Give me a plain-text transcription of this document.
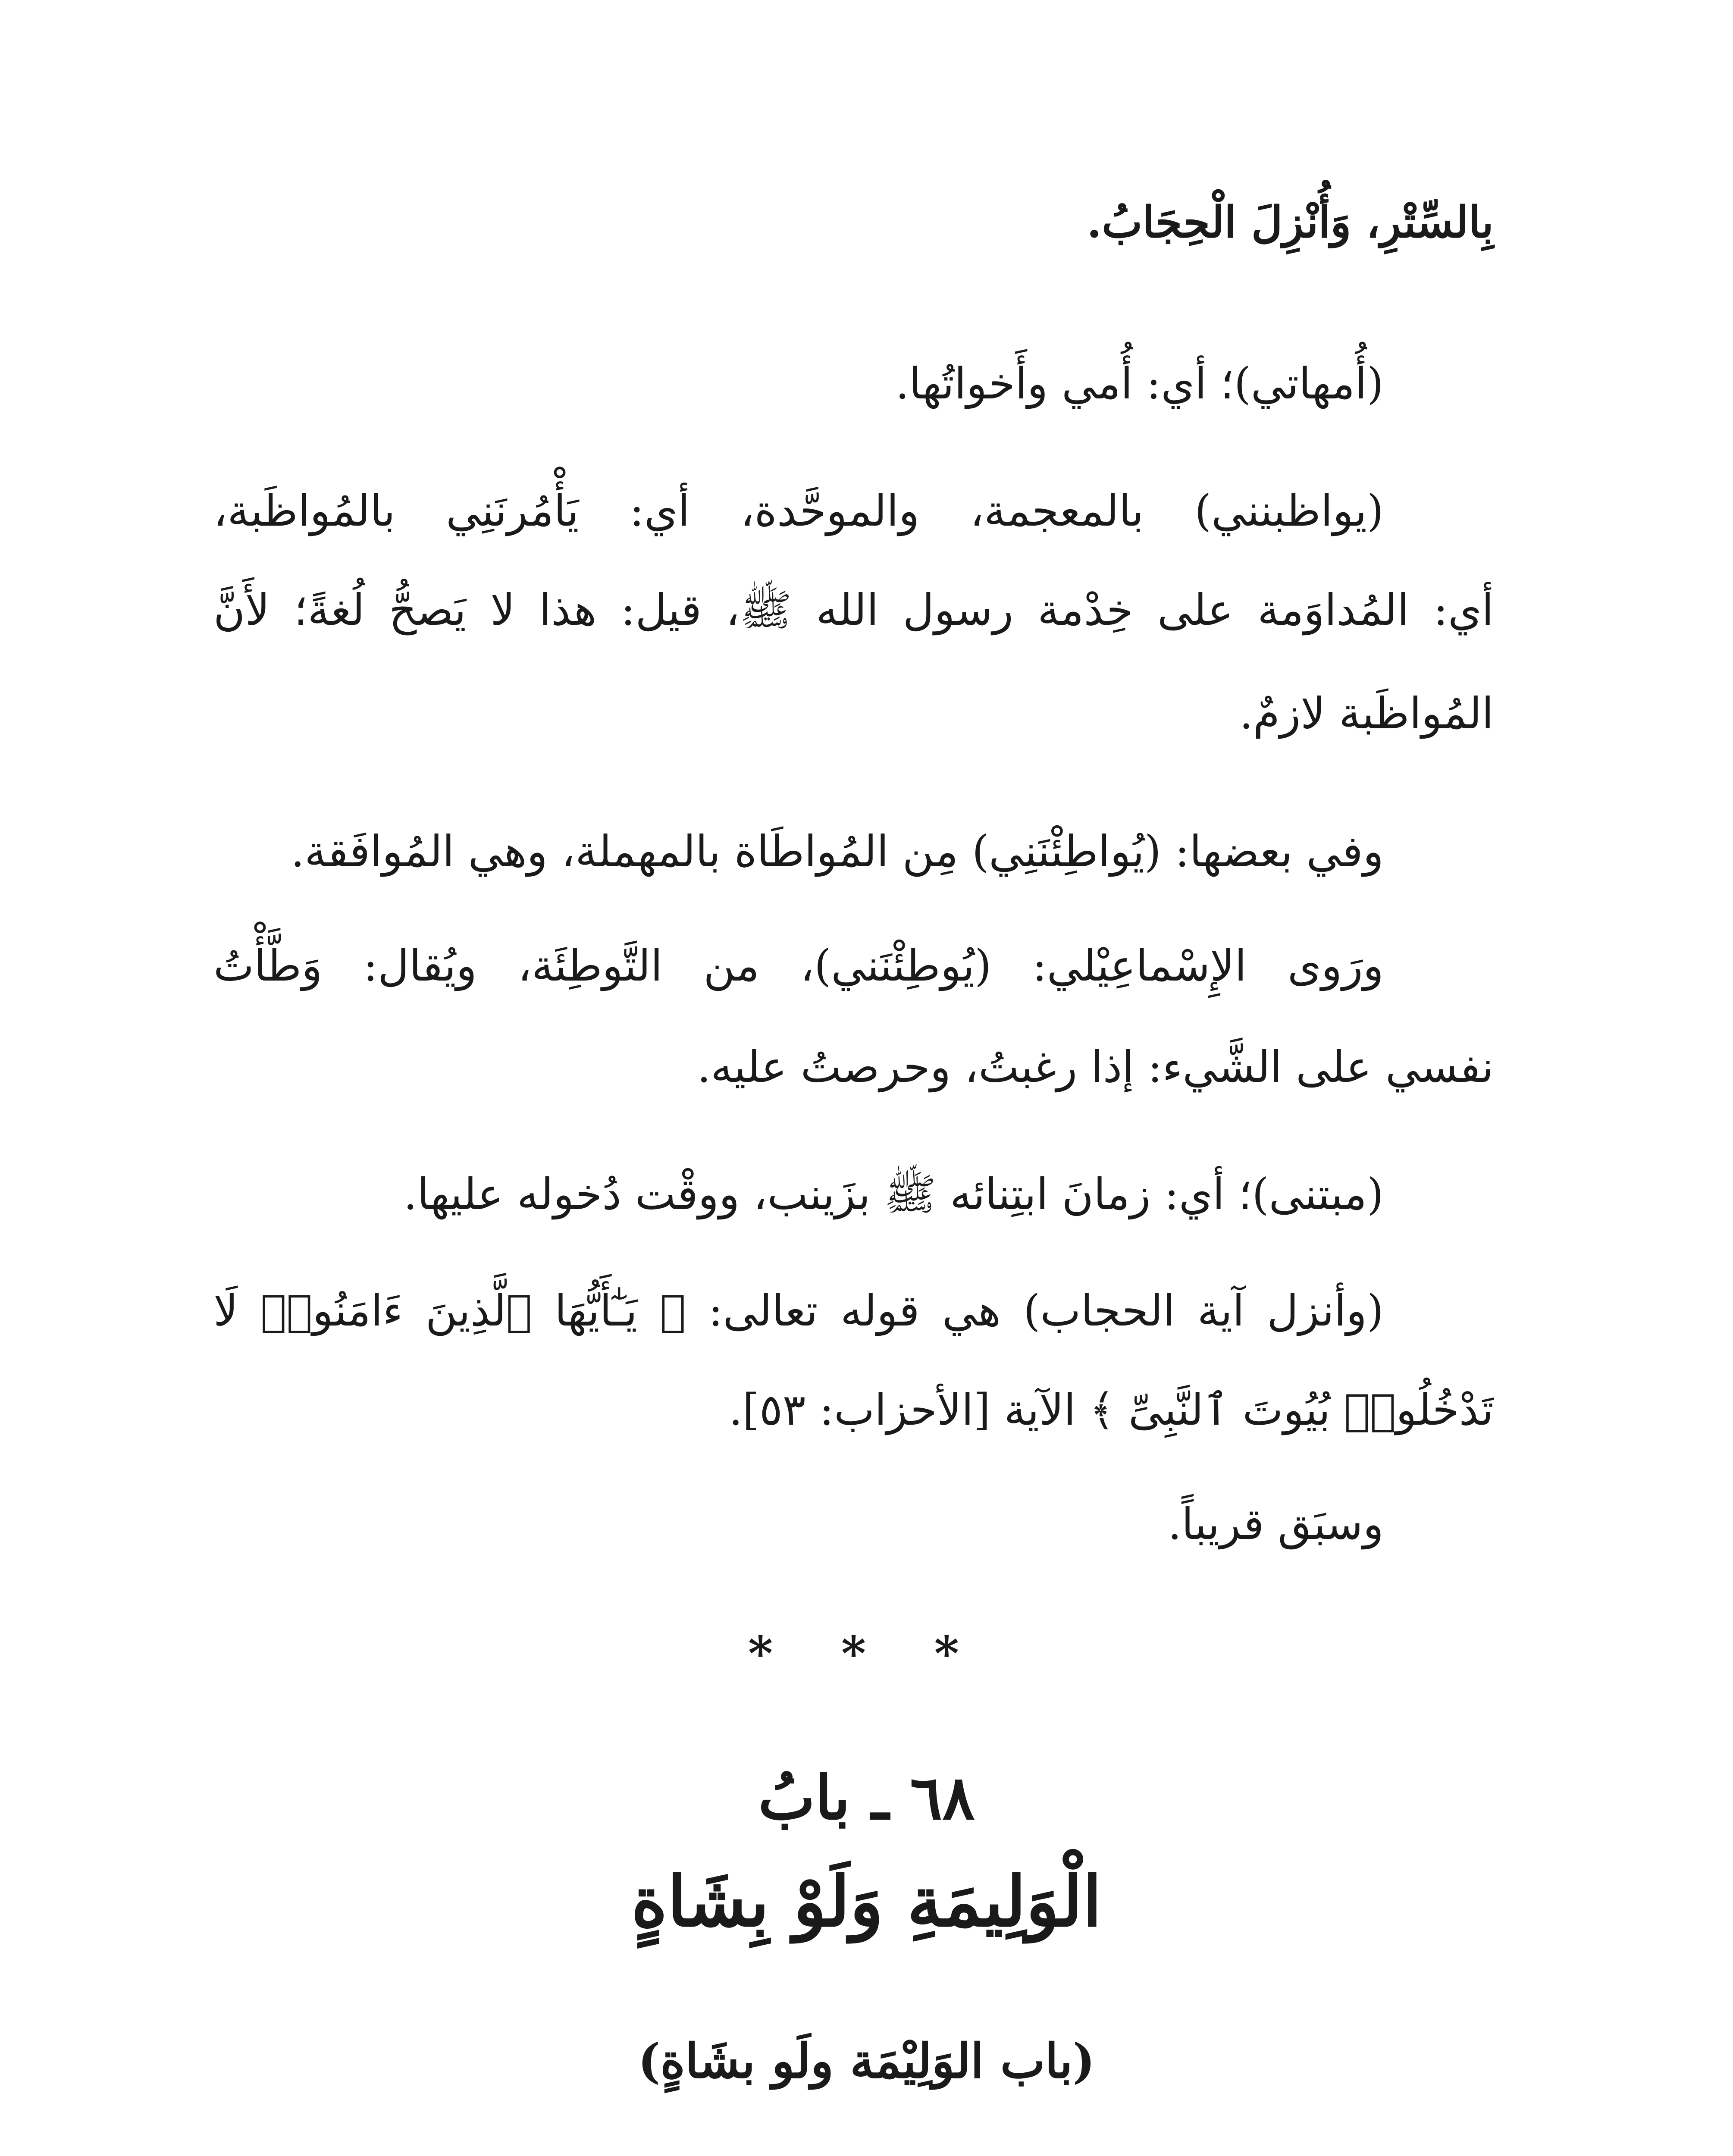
بِالسِّتْرِ، وَأُنْزِلَ الْحِجَابُ.
(أُمهاتي)؛ أي: أُمي وأَخواتُها.
(يواظبنني) بالمعجمة، والموحَّدة، أي: يَأْمُرنَنِي بالمُواظَبة،
أي: المُداوَمة على خِدْمة رسول الله ﷺ، قيل: هذا لا يَصحُّ لُغةً؛ لأَنَّ
المُواظَبة لازمٌ.
وفي بعضها: (يُواطِئْنَنِي) مِن المُواطَاة بالمهملة، وهي المُوافَقة.
ورَوى الإِسْماعِيْلي: (يُوطِئْنَني)، من التَّوطِئَة، ويُقال: وَطَّأْتُ
نفسي على الشَّيء: إذا رغبتُ، وحرصتُ عليه.
(مبتنى)؛ أي: زمانَ ابتِنائه ﷺ بزَينب، ووقْت دُخوله عليها.
(وأنزل آية الحجاب) هي قوله تعالى: ﴿ يَـٰٓأَيُّهَا ٱلَّذِينَ ءَامَنُوا۟ لَا
تَدْخُلُوا۟ بُيُوتَ ٱلنَّبِىِّ ﴾ الآية [الأحزاب: ٥٣].
وسبَق قريباً.
* * *
٦٨ ـ بابُ
الْوَلِيمَةِ وَلَوْ بِشَاةٍ
(باب الوَلِيْمَة ولَو بشَاةٍ)
